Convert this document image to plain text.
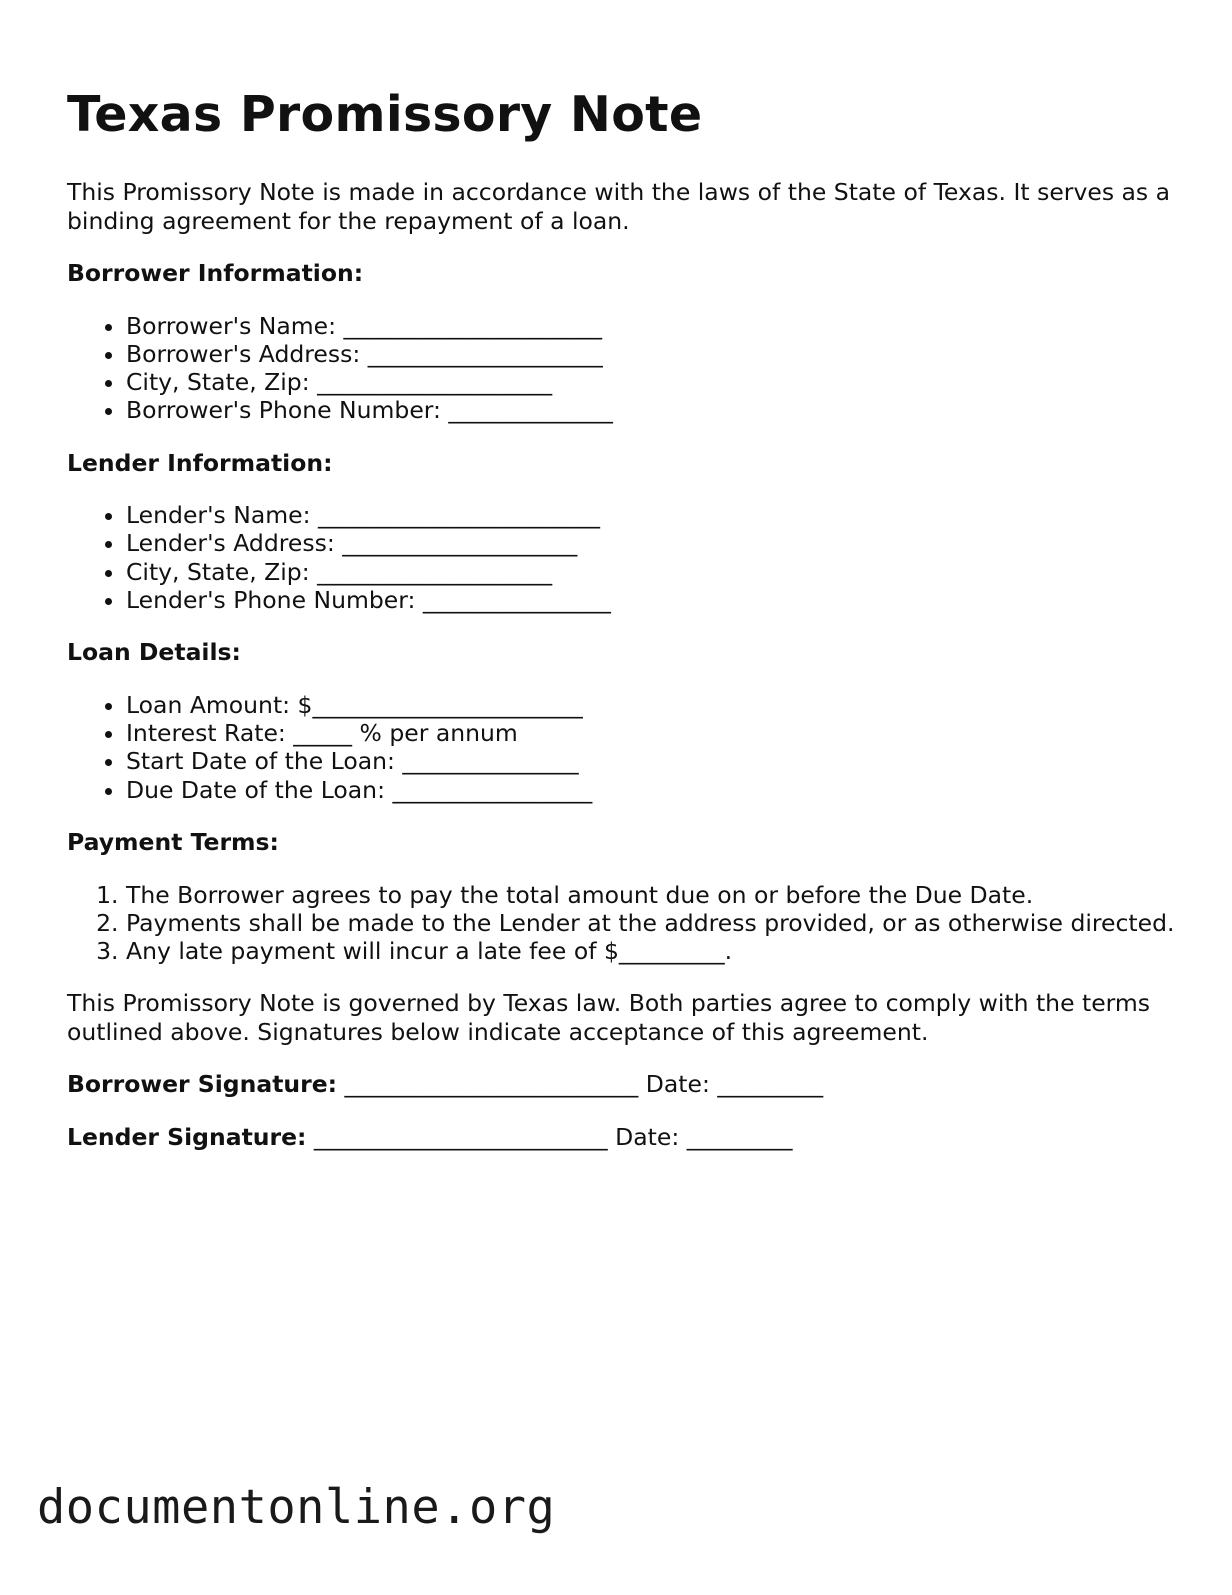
Texas Promissory Note

This Promissory Note is made in accordance with the laws of the State of Texas. It serves as a binding agreement for the repayment of a loan.

Borrower Information:
• Borrower's Name: ______________________
• Borrower's Address: ____________________
• City, State, Zip: ____________________
• Borrower's Phone Number: ______________
Lender Information:
• Lender's Name: ________________________
• Lender's Address: ____________________
• City, State, Zip: ____________________
• Lender's Phone Number: ________________
Loan Details:
• Loan Amount: $_______________________
• Interest Rate: _____ % per annum
• Start Date of the Loan: _______________
• Due Date of the Loan: _________________
Payment Terms:
1. The Borrower agrees to pay the total amount due on or before the Due Date.
2. Payments shall be made to the Lender at the address provided, or as otherwise directed.
3. Any late payment will incur a late fee of $_________.

This Promissory Note is governed by Texas law. Both parties agree to comply with the terms outlined above. Signatures below indicate acceptance of this agreement.

Borrower Signature: _________________________ Date: _________
Lender Signature: _________________________ Date: _________
documentonline.org
